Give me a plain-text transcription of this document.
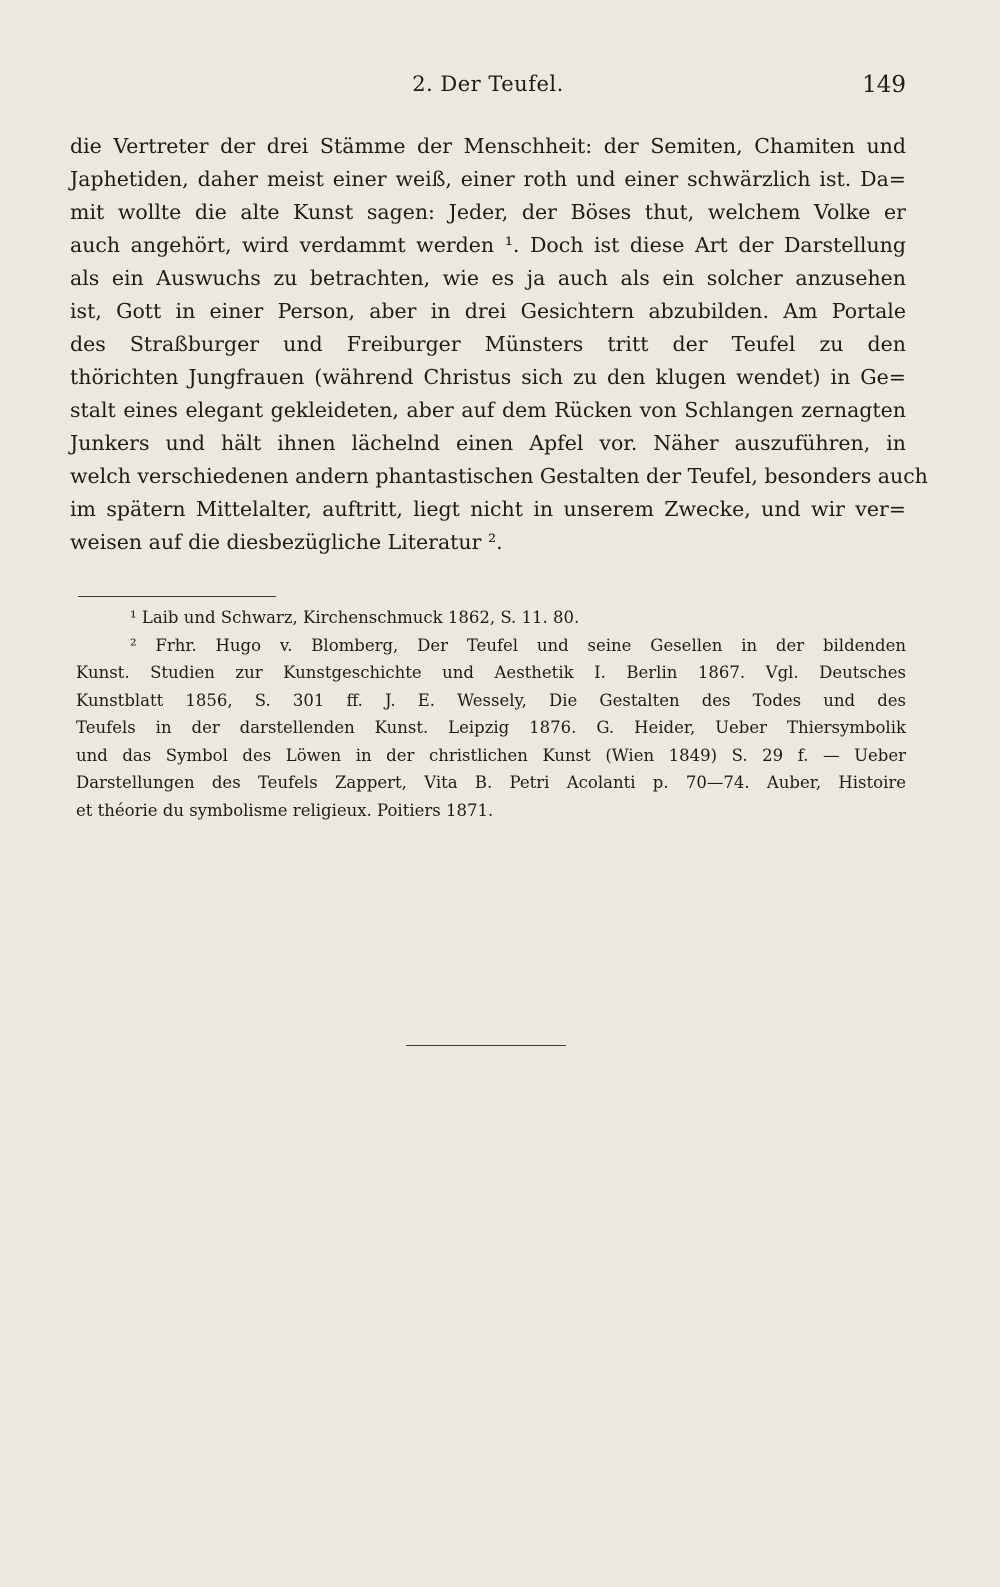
2. Der Teufel.	149
die Vertreter der drei Stämme der Menschheit: der Semiten, Chamiten und
Japhetiden, daher meist einer weiß, einer roth und einer schwärzlich ist. Da=
mit wollte die alte Kunst sagen: Jeder, der Böses thut, welchem Volke er
auch angehört, wird verdammt werden ¹. Doch ist diese Art der Darstellung
als ein Auswuchs zu betrachten, wie es ja auch als ein solcher anzusehen
ist, Gott in einer Person, aber in drei Gesichtern abzubilden. Am Portale
des Straßburger und Freiburger Münsters tritt der Teufel zu den
thörichten Jungfrauen (während Christus sich zu den klugen wendet) in Ge=
stalt eines elegant gekleideten, aber auf dem Rücken von Schlangen zernagten
Junkers und hält ihnen lächelnd einen Apfel vor. Näher auszuführen, in
welch verschiedenen andern phantastischen Gestalten der Teufel, besonders auch
im spätern Mittelalter, auftritt, liegt nicht in unserem Zwecke, und wir ver=
weisen auf die diesbezügliche Literatur ².
¹ Laib und Schwarz, Kirchenschmuck 1862, S. 11. 80.
² Frhr. Hugo v. Blomberg, Der Teufel und seine Gesellen in der bildenden
Kunst. Studien zur Kunstgeschichte und Aesthetik I. Berlin 1867. Vgl. Deutsches
Kunstblatt 1856, S. 301 ff. J. E. Wessely, Die Gestalten des Todes und des
Teufels in der darstellenden Kunst. Leipzig 1876. G. Heider, Ueber Thiersymbolik
und das Symbol des Löwen in der christlichen Kunst (Wien 1849) S. 29 f. — Ueber
Darstellungen des Teufels Zappert, Vita B. Petri Acolanti p. 70—74. Auber, Histoire
et théorie du symbolisme religieux. Poitiers 1871.
